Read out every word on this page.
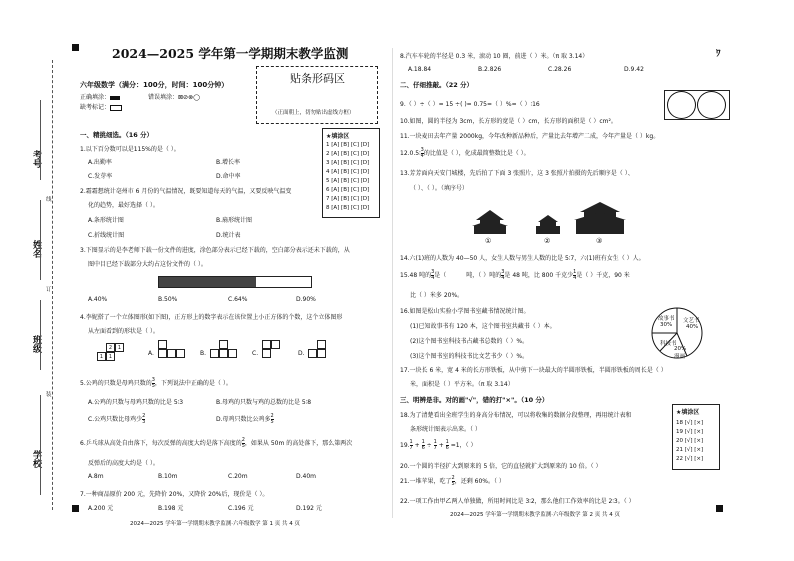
ﾜ
考号
姓名
班级
学校
线
订
装
2024—2025 学年第一学期期末教学监测
六年级数学（满分：100分，时间：100分钟）
正确填涂：	错误填涂：⊠⊘⊗◯
缺考标记：
贴条形码区
（正面朝上，切勿贴出虚线方框）
★填涂区
1 [A] [B] [C] [D]
2 [A] [B] [C] [D]
3 [A] [B] [C] [D]
4 [A] [B] [C] [D]
5 [A] [B] [C] [D]
6 [A] [B] [C] [D]
7 [A] [B] [C] [D]
8 [A] [B] [C] [D]
一、精挑细选。（16 分）
1.以下百分数可以是115%的是（ ）。
A.出勤率	B.增长率
C.发芽率	D.命中率
2.霜霜想统计亳州市 6 月份的气温情况，既要知道每天的气温，又要反映气温变
化的趋势，最好选择（ ）。
A.条形统计图	B.扇形统计图
C.折线统计图	D.统计表
3.下图显示的是李老师下载一份文件的进度，涂色部分表示已经下载的，空白部分表示还未下载的，从
图中目已经下载部分大约占这份文件的（ ）。
A.40%	B.50%	C.64%	D.90%
4.李妮搭了一个立体图形(如下图)，正方形上的数字表示在该位置上小正方体的个数，这个立体图形
从左面看到的形状是（ ）。
2	1
1	1	A.	B.	C.	D.
5.公鸡的只数是母鸡只数的 $\frac{3}{5}$ ，下列说法中正确的是（ ）。
A.公鸡的只数与母鸡只数的比是 5∶3	B.母鸡的只数与鸡的总数的比是 5∶8
C.公鸡只数比母鸡少 $\frac{2}{3}$	D.母鸡只数比公鸡多 $\frac{2}{5}$
6.乒乓球从高处自由落下，每次反弹的高度大约是落下高度的 $\frac{2}{5}$ ，如果从 50m 的高处落下，那么第两次
反弹后的高度大约是（ ）。
A.8m	B.10m	C.20m	D.40m
7.一种商品原价 200 元，先降价 20%，又降价 20%后，现价是（ ）。
A.200 元	B.198 元	C.196 元	D.192 元
2024—2025 学年第一学期期末教学监测·六年级数学 第 1 页 共 4 页
8.汽车车轮的半径是 0.3 米，滚动 10 圈，前进（ ）米。（π 取 3.14）
A.18.84	B.2.826	C.28.26	D.9.42
二、仔细推敲。（22 分）
9.（ ）÷（ ）= 15 ÷( )= 0.75=（ ）%=（ ）∶16
10.如图，圆的半径为 3cm，长方形的宽是（ ）cm，长方形的面积是（ ）cm²。
11.一块麦田去年产量 2000kg，今年改种新品种后，产量比去年增产二成，今年产量是（ ）kg。
12.0.5∶ $\frac{3}{4}$ 的比值是（ ），化成最简整数比是（ ）。
13.芳芳面向天安门城楼，先后拍了下面 3 张照片，这 3 张照片拍摄的先后顺序是（ ）、
（ ）、（ ）。（填序号）
①	②	③
14.六(1)班的人数为 40—50 人，女生人数与男生人数的比是 5∶7，六(1)班有女生（ ）人。
15.48 吨的 $\frac{3}{4}$ 是（	吨，（ ）吨的 $\frac{3}{4}$ 是 48 吨，比 800 千克少 $\frac{1}{4}$ 是（ ）千克，90 米
比（ ）米多 20%。
16.如图是松山实验小学图书室藏书情况统计图。
(1)已知故事书有 120 本，这个图书室共藏书（ ）本。
(2)这个图书室科技书占藏书总数的（ ）%。
(3)这个图书室的科技书比文艺书少（ ）%。
故事书
30%
文艺书
40%
科技书
20%
漫画
17.一块长 6 米，宽 4 米的长方形铁板，从中剪下一块最大的半圆形铁板，半圆形铁板的周长是（ ）
米，面积是（ ）平方米。（π 取 3.14）
三、明辨是非。对的画"√"，错的打"×"。（10 分）
18.为了清楚看出全班学生的身高分布情况，可以将收集的数据分段整理，再用统计表和
条形统计图表示出来。（ ）
19. $\frac{1}{7} + \frac{1}{6} \div \frac{1}{7} + \frac{1}{6} =1$，（ ）
20.一个圆的半径扩大到原来的 5 倍，它的直径就扩大到原来的 10 倍。（ ）
21.一堆苹果，吃了 $\frac{2}{5}$ ，还剩 60%。（ ）
22.一项工作由甲乙两人单独做，所用时间比是 3∶2，那么他们工作效率的比是 2∶3。（ ）
2024—2025 学年第一学期期末教学监测·六年级数学 第 2 页 共 4 页
★填涂区
18 [√] [×]
19 [√] [×]
20 [√] [×]
21 [√] [×]
22 [√] [×]
